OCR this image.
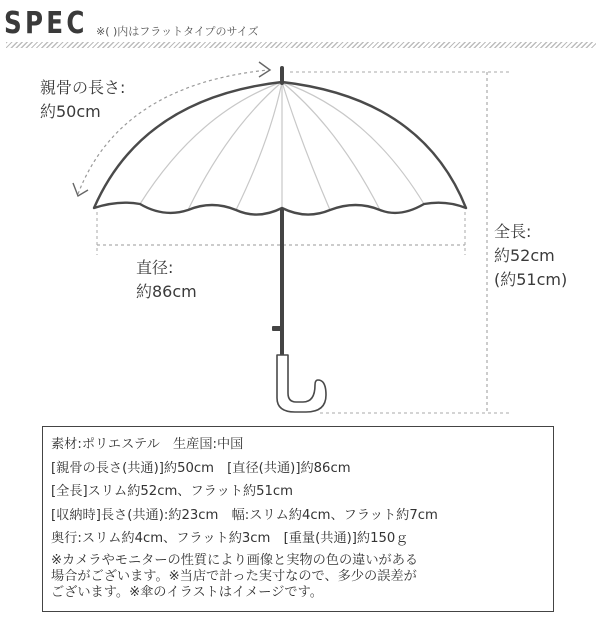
SPEC ※( )内はフラットタイプのサイズ
親骨の長さ:
約50cm
直径:
約86cm
全長:
約52cm
(約51cm)
素材:ポリエステル　生産国:中国
[親骨の長さ(共通)]約50cm　[直径(共通)]約86cm
[全長]スリム約52cm、フラット約51cm
[収納時]長さ(共通):約23cm　幅:スリム約4cm、フラット約7cm
奥行:スリム約4cm、フラット約3cm　[重量(共通)]約150ｇ
※カメラやモニターの性質により画像と実物の色の違いがある
場合がございます。※当店で計った実寸なので、多少の誤差が
ございます。※傘のイラストはイメージです。
